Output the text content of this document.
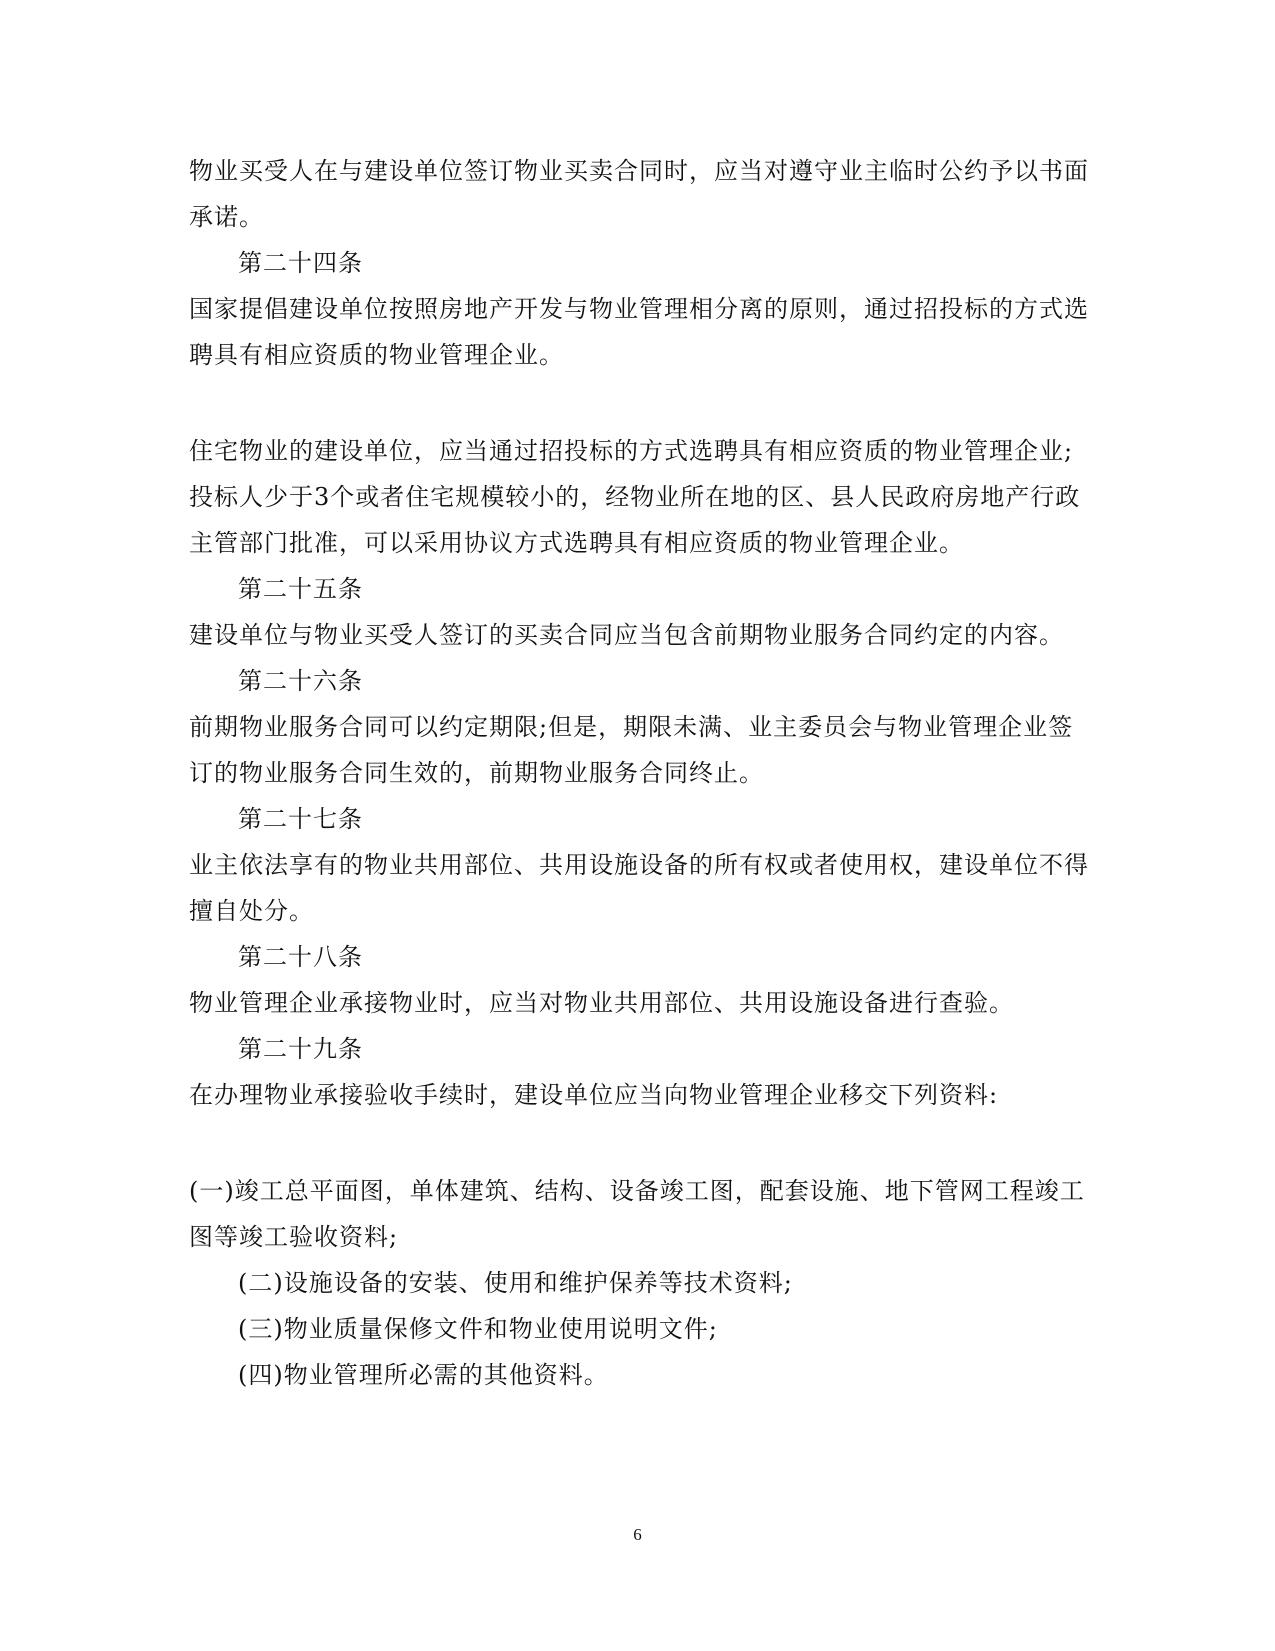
物业买受人在与建设单位签订物业买卖合同时，应当对遵守业主临时公约予以书面
承诺。
第二十四条
国家提倡建设单位按照房地产开发与物业管理相分离的原则，通过招投标的方式选
聘具有相应资质的物业管理企业。
住宅物业的建设单位，应当通过招投标的方式选聘具有相应资质的物业管理企业;
投标人少于3个或者住宅规模较小的，经物业所在地的区、县人民政府房地产行政
主管部门批准，可以采用协议方式选聘具有相应资质的物业管理企业。
第二十五条
建设单位与物业买受人签订的买卖合同应当包含前期物业服务合同约定的内容。
第二十六条
前期物业服务合同可以约定期限;但是，期限未满、业主委员会与物业管理企业签
订的物业服务合同生效的，前期物业服务合同终止。
第二十七条
业主依法享有的物业共用部位、共用设施设备的所有权或者使用权，建设单位不得
擅自处分。
第二十八条
物业管理企业承接物业时，应当对物业共用部位、共用设施设备进行查验。
第二十九条
在办理物业承接验收手续时，建设单位应当向物业管理企业移交下列资料:
(一)竣工总平面图，单体建筑、结构、设备竣工图，配套设施、地下管网工程竣工
图等竣工验收资料;
(二)设施设备的安装、使用和维护保养等技术资料;
(三)物业质量保修文件和物业使用说明文件;
(四)物业管理所必需的其他资料。
6
